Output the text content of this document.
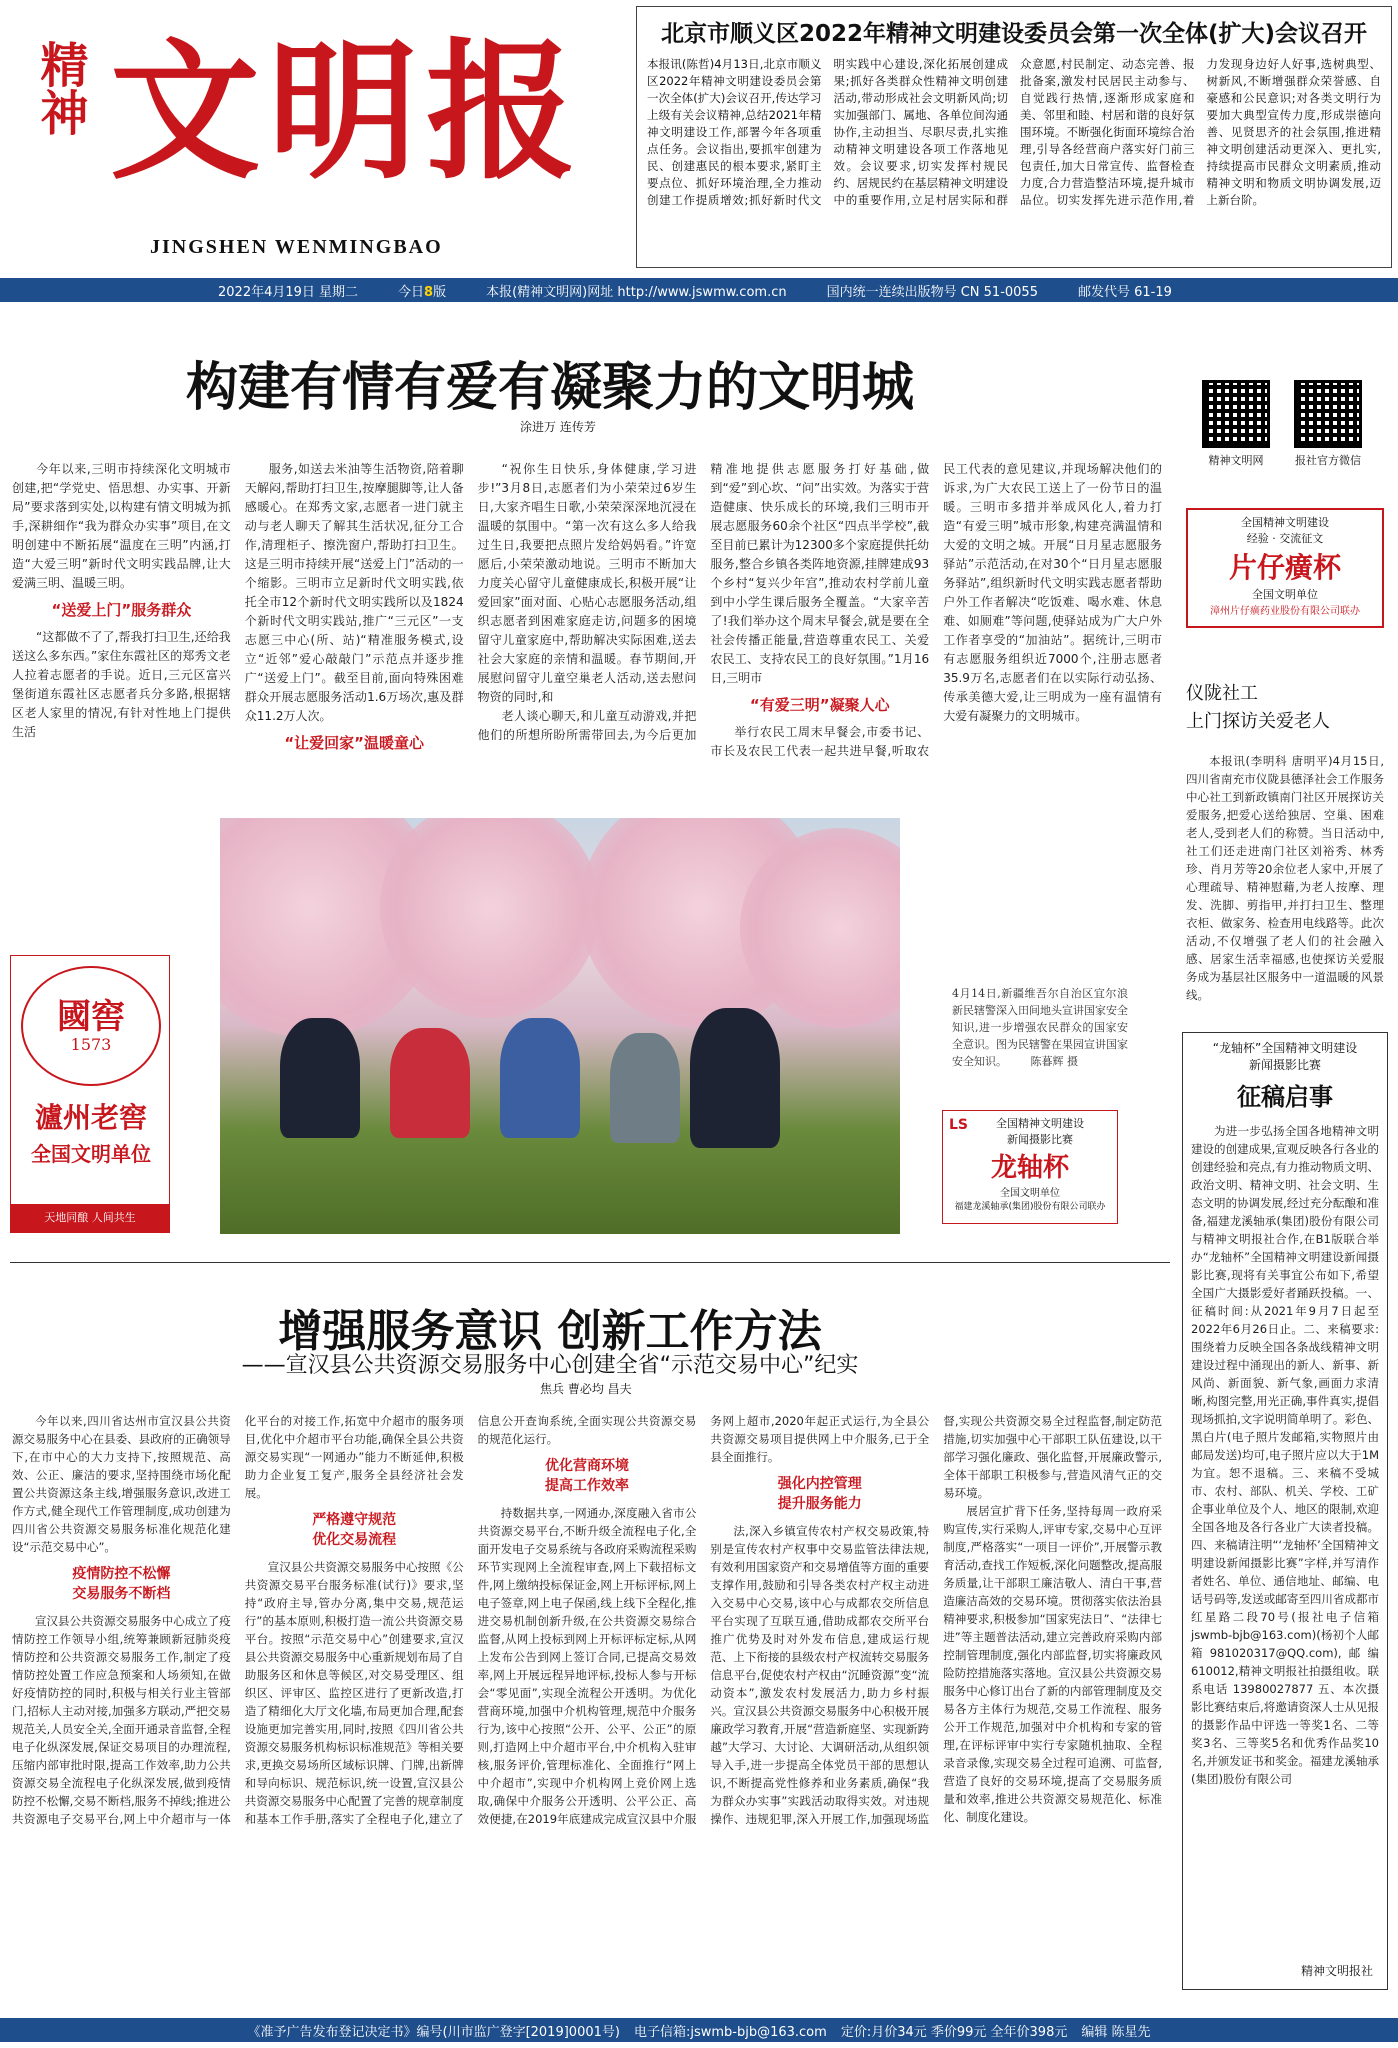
精神 文明报
JINGSHEN WENMINGBAO
北京市顺义区2022年精神文明建设委员会第一次全体(扩大)会议召开
本报讯(陈哲)4月13日,北京市顺义区2022年精神文明建设委员会第一次全体(扩大)会议召开,传达学习上级有关会议精神,总结2021年精神文明建设工作,部署今年各项重点任务。会议指出,要抓牢创建为民、创建惠民的根本要求,紧盯主要点位、抓好环境治理,全力推动创建工作提质增效;抓好新时代文明实践中心建设,深化拓展创建成果;抓好各类群众性精神文明创建活动,带动形成社会文明新风尚;切实加强部门、属地、各单位间沟通协作,主动担当、尽职尽责,扎实推动精神文明建设各项工作落地见效。会议要求,切实发挥村规民约、居规民约在基层精神文明建设中的重要作用,立足村居实际和群众意愿,村民制定、动态完善、报批备案,激发村民居民主动参与、自觉践行热情,逐渐形成家庭和美、邻里和睦、村居和谐的良好氛围环境。不断强化街面环境综合治理,引导各经营商户落实好门前三包责任,加大日常宣传、监督检查力度,合力营造整洁环境,提升城市品位。切实发挥先进示范作用,着力发现身边好人好事,选树典型、树新风,不断增强群众荣誉感、自豪感和公民意识;对各类文明行为要加大典型宣传力度,形成崇德向善、见贤思齐的社会氛围,推进精神文明创建活动更深入、更扎实,持续提高市民群众文明素质,推动精神文明和物质文明协调发展,迈上新台阶。
2022年4月19日 星期二	今日8版	本报(精神文明网)网址 http://www.jswmw.com.cn	国内统一连续出版物号 CN 51-0055	邮发代号 61-19
构建有情有爱有凝聚力的文明城
涂进万 连传芳

今年以来,三明市持续深化文明城市创建,把“学党史、悟思想、办实事、开新局”要求落到实处,以构建有情文明城为抓手,深耕细作“我为群众办实事”项目,在文明创建中不断拓展“温度在三明”内涵,打造“大爱三明”新时代文明实践品牌,让大爱满三明、温暖三明。

“送爱上门”服务群众

“这都做不了了,帮我打扫卫生,还给我送这么多东西。”家住东霞社区的郑秀文老人拉着志愿者的手说。近日,三元区富兴堡街道东霞社区志愿者兵分多路,根据辖区老人家里的情况,有针对性地上门提供生活

服务,如送去米油等生活物资,陪着聊天解闷,帮助打扫卫生,按摩腿脚等,让人备感暖心。在郑秀文家,志愿者一进门就主动与老人聊天了解其生活状况,征分工合作,清理柜子、擦洗窗户,帮助打扫卫生。这是三明市持续开展“送爱上门”活动的一个缩影。三明市立足新时代文明实践,依托全市12个新时代文明实践所以及1824个新时代文明实践站,推广“三元区”一支志愿三中心(所、站)“精准服务模式,设立“近邻”爱心敲敲门”示范点并逐步推广“送爱上门”。截至目前,面向特殊困难群众开展志愿服务活动1.6万场次,惠及群众11.2万人次。

“让爱回家”温暖童心

“祝你生日快乐,身体健康,学习进步!”3月8日,志愿者们为小荣荣过6岁生日,大家齐唱生日歌,小荣荣深深地沉浸在温暖的氛围中。“第一次有这么多人给我过生日,我要把点照片发给妈妈看。”许宽愿后,小荣荣激动地说。三明市不断加大力度关心留守儿童健康成长,积极开展“让爱回家”面对面、心贴心志愿服务活动,组织志愿者到困难家庭走访,问题多的困境留守儿童家庭中,帮助解决实际困难,送去社会大家庭的亲情和温暖。春节期间,开展慰问留守儿童空巢老人活动,送去慰问物资的同时,和

老人谈心聊天,和儿童互动游戏,并把他们的所想所盼所需带回去,为今后更加精准地提供志愿服务打好基础,做到“爱”到心坎、“问”出实效。为落实于营造健康、快乐成长的环境,我们三明市开展志愿服务60余个社区“四点半学校”,截至目前已累计为12300多个家庭提供托幼服务,整合乡镇各类阵地资源,挂牌建成93个乡村“复兴少年宫”,推动农村学前儿童到中小学生课后服务全覆盖。“大家辛苦了!我们举办这个周末早餐会,就是要在全社会传播正能量,营造尊重农民工、关爱农民工、支持农民工的良好氛围。”1月16日,三明市

“有爱三明”凝聚人心

举行农民工周末早餐会,市委书记、市长及农民工代表一起共进早餐,听取农民工代表的意见建议,并现场解决他们的诉求,为广大农民工送上了一份节日的温暖。三明市多措并举成风化人,着力打造“有爱三明”城市形象,构建亮满温情和大爱的文明之城。开展“日月星志愿服务驿站”示范活动,在对30个“日月星志愿服务驿站”,组织新时代文明实践志愿者帮助户外工作者解决“吃饭难、喝水难、休息难、如厕难”等问题,使驿站成为广大户外工作者享受的“加油站”。据统计,三明市有志愿服务组织近7000个,注册志愿者35.9万名,志愿者们在以实际行动弘扬、传承美德大爱,让三明成为一座有温情有大爱有凝聚力的文明城市。

精神文明网	报社官方微信
全国精神文明建设
经验 · 交流征文
片仔癀杯
全国文明单位
漳州片仔癀药业股份有限公司联办
仪陇社工
上门探访关爱老人
本报讯(李明科 唐明平)4月15日,四川省南充市仪陇县德泽社会工作服务中心社工到新政镇南门社区开展探访关爱服务,把爱心送给独居、空巢、困难老人,受到老人们的称赞。当日活动中,社工们还走进南门社区刘裕秀、林秀珍、肖月芳等20余位老人家中,开展了心理疏导、精神慰藉,为老人按摩、理发、洗脚、剪指甲,并打扫卫生、整理衣柜、做家务、检查用电线路等。此次活动,不仅增强了老人们的社会融入感、居家生活幸福感,也使探访关爱服务成为基层社区服务中一道温暖的风景线。
“龙轴杯”全国精神文明建设
新闻摄影比赛
征稿启事
为进一步弘扬全国各地精神文明建设的创建成果,宣观反映各行各业的创建经验和亮点,有力推动物质文明、政治文明、精神文明、社会文明、生态文明的协调发展,经过充分酝酿和准备,福建龙溪轴承(集团)股份有限公司与精神文明报社合作,在B1版联合举办“龙轴杯”全国精神文明建设新闻摄影比赛,现将有关事宜公布如下,希望全国广大摄影爱好者踊跃投稿。一、征稿时间:从2021年9月7日起至2022年6月26日止。二、来稿要求:围绕着力反映全国各条战线精神文明建设过程中涌现出的新人、新事、新风尚、新面貌、新气象,画面力求清晰,构图完整,用光正确,事件真实,提倡现场抓拍,文字说明简单明了。彩色、黑白片(电子照片发邮箱,实物照片由邮局发送)均可,电子照片应以大于1M为宜。恕不退稿。三、来稿不受城市、农村、部队、机关、学校、工矿企事业单位及个人、地区的限制,欢迎全国各地及各行各业广大读者投稿。四、来稿请注明“‘龙轴杯’全国精神文明建设新闻摄影比赛”字样,并写清作者姓名、单位、通信地址、邮编、电话号码等,发送或邮寄至四川省成都市红星路二段70号(报社电子信箱jswmb-bjb@163.com)(杨初个人邮箱981020317@QQ.com),邮编610012,精神文明报社拍摄组收。联系电话 13980027877 五、本次摄影比赛结束后,将邀请资深人士从见报的摄影作品中评选一等奖1名、二等奖3名、三等奖5名和优秀作品奖10名,并颁发证书和奖金。福建龙溪轴承(集团)股份有限公司
精神文明报社
國窖
1573
瀘州老窖
全国文明单位
天地同酿 人间共生
4月14日,新疆维吾尔自治区宜尔浪新民辖警深入田间地头宣讲国家安全知识,进一步增强农民群众的国家安全意识。图为民辖警在果园宣讲国家安全知识。 陈暮辉 摄
LS	全国精神文明建设
新闻摄影比赛
龙轴杯
全国文明单位
福建龙溪轴承(集团)股份有限公司联办
增强服务意识 创新工作方法
——宣汉县公共资源交易服务中心创建全省“示范交易中心”纪实
焦兵 曹必均 昌夫

今年以来,四川省达州市宣汉县公共资源交易服务中心在县委、县政府的正确领导下,在市中心的大力支持下,按照规范、高效、公正、廉洁的要求,坚持围绕市场化配置公共资源这条主线,增强服务意识,改进工作方式,健全现代工作管理制度,成功创建为四川省公共资源交易服务标准化规范化建设“示范交易中心”。

疫情防控不松懈
交易服务不断档

宣汉县公共资源交易服务中心成立了疫情防控工作领导小组,统筹兼顾新冠肺炎疫情防控和公共资源交易服务工作,制定了疫情防控处置工作应急预案和人场须知,在做好疫情防控的同时,积极与相关行业主管部门,招标人主动对接,加强多方联动,严把交易规范关,人员安全关,全面开通录音监督,全程电子化纵深发展,保证交易项目的办理流程,压缩内部审批时限,提高工作效率,助力公共资源交易全流程电子化纵深发展,做到疫情防控不松懈,交易不断档,服务不掉线;推进公共资源电子交易平台,网上中介超市与一体化平台的对接工作,拓宽中介超市的服务项目,优化中介超市平台功能,确保全县公共资源交易实现“一网通办”能力不断延伸,积极助力企业复工复产,服务全县经济社会发展。

严格遵守规范
优化交易流程

宣汉县公共资源交易服务中心按照《公共资源交易平台服务标准(试行)》要求,坚持“政府主导,管办分离,集中交易,规范运行”的基本原则,积极打造一流公共资源交易平台。按照“示范交易中心”创建要求,宣汉县公共资源交易服务中心重新规划布局了自助服务区和休息等候区,对交易受理区、组织区、评审区、监控区进行了更新改造,打造了精细化大厅文化墙,布局更加合理,配套设施更加完善实用,同时,按照《四川省公共资源交易服务机构标识标准规范》等相关要求,更换交易场所区域标识牌、门牌,出新牌和导向标识、规范标识,统一设置,宣汉县公共资源交易服务中心配置了完善的规章制度和基本工作手册,落实了全程电子化,建立了信息公开查询系统,全面实现公共资源交易的规范化运行。

优化营商环境
提高工作效率

持数据共享,一网通办,深度融入省市公共资源交易平台,不断升级全流程电子化,全面开发电子交易系统与各政府采购流程采购环节实现网上全流程审查,网上下载招标文件,网上缴纳投标保证金,网上开标评标,网上电子签章,网上电子保函,线上线下全程化,推进交易机制创新升级,在公共资源交易综合监督,从网上投标到网上开标评标定标,从网上发布公告到网上签订合同,已提高交易效率,网上开展远程异地评标,投标人参与开标会“零见面”,实现全流程公开透明。为优化营商环境,加强中介机构管理,规范中介服务行为,该中心按照“公开、公平、公正”的原则,打造网上中介超市平台,中介机构入驻审核,服务评价,管理标准化、全面推行“网上中介超市”,实现中介机构网上竞价网上选取,确保中介服务公开透明、公平公正、高效便捷,在2019年底建成完成宣汉县中介服务网上超市,2020年起正式运行,为全县公共资源交易项目提供网上中介服务,已于全县全面推行。

强化内控管理
提升服务能力

法,深入乡镇宣传农村产权交易政策,特别是宣传农村产权事中交易监管法律法规,有效利用国家资产和交易增值等方面的重要支撑作用,鼓励和引导各类农村产权主动进入交易中心交易,该中心与成都农交所信息平台实现了互联互通,借助成都农交所平台推广优势及时对外发布信息,建成运行规范、上下衔接的县级农村产权流转交易服务信息平台,促使农村产权由“沉睡资源”变“流动资本”,激发农村发展活力,助力乡村振兴。宣汉县公共资源交易服务中心积极开展廉政学习教育,开展“营造新庭坚、实现新跨越”大学习、大讨论、大调研活动,从组织领导入手,进一步提高全体党员干部的思想认识,不断提高党性修养和业务素质,确保“我为群众办实事”实践活动取得实效。对违规操作、违规犯罪,深入开展工作,加强现场监督,实现公共资源交易全过程监督,制定防范措施,切实加强中心干部职工队伍建设,以干部学习强化廉政、强化监督,开展廉政警示,全体干部职工积极参与,营造风清气正的交易环境。

展居宣扩背下任务,坚持每周一政府采购宣传,实行采购人,评审专家,交易中心互评制度,严格落实“一项目一评价”,开展警示教育活动,查找工作短板,深化问题整改,提高服务质量,让干部职工廉洁敬人、清白干事,营造廉洁高效的交易环境。贯彻落实依法治县精神要求,积极参加“国家宪法日”、“法律七进”等主题普法活动,建立完善政府采购内部控制管理制度,强化内部监督,切实将廉政风险防控措施落实落地。宣汉县公共资源交易服务中心修订出台了新的内部管理制度及交易各方主体行为规范,交易工作流程、服务公开工作规范,加强对中介机构和专家的管理,在评标评审中实行专家随机抽取、全程录音录像,实现交易全过程可追溯、可监督,营造了良好的交易环境,提高了交易服务质量和效率,推进公共资源交易规范化、标准化、制度化建设。

《准予广告发布登记决定书》编号(川市监广登字[2019]0001号) 电子信箱:jswmb-bjb@163.com 定价:月价34元 季价99元 全年价398元 编辑 陈星先
